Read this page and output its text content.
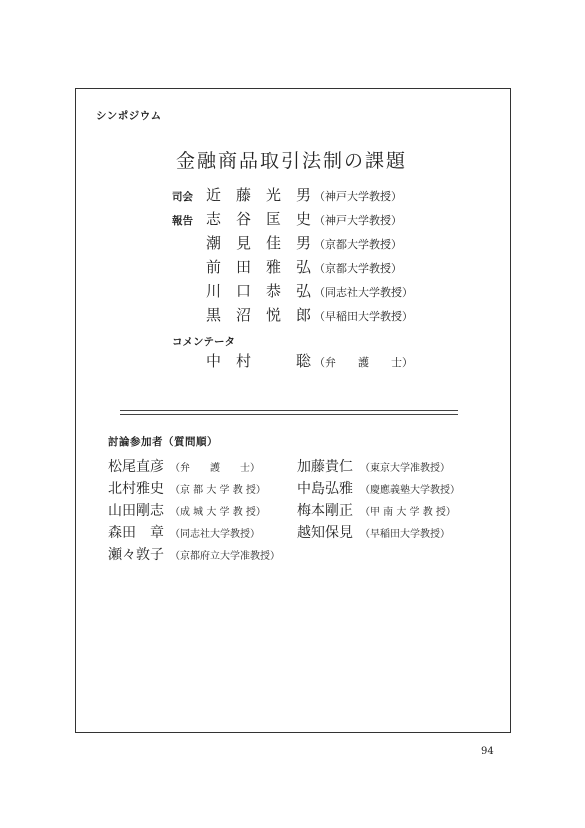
シンポジウム
金融商品取引法制の課題
司会
報告
コメンテータ
近　藤　光　男 （神戸大学教授）
志　谷　匡　史 （神戸大学教授）
潮　見　佳　男 （京都大学教授）
前　田　雅　弘 （京都大学教授）
川　口　恭　弘 （同志社大学教授）
黒　沼　悦　郎 （早稲田大学教授）
中　村　　　聡 （弁　　護　　士）
討論参加者（質問順）
松尾直彦 （弁　　護　　士）
北村雅史 （京 都 大 学 教 授）
山田剛志 （成 城 大 学 教 授）
森田　章 （同志社大学教授）
瀬々敦子 （京都府立大学准教授）
加藤貴仁 （東京大学准教授）
中島弘雅 （慶應義塾大学教授）
梅本剛正 （甲 南 大 学 教 授）
越知保見 （早稲田大学教授）
94
